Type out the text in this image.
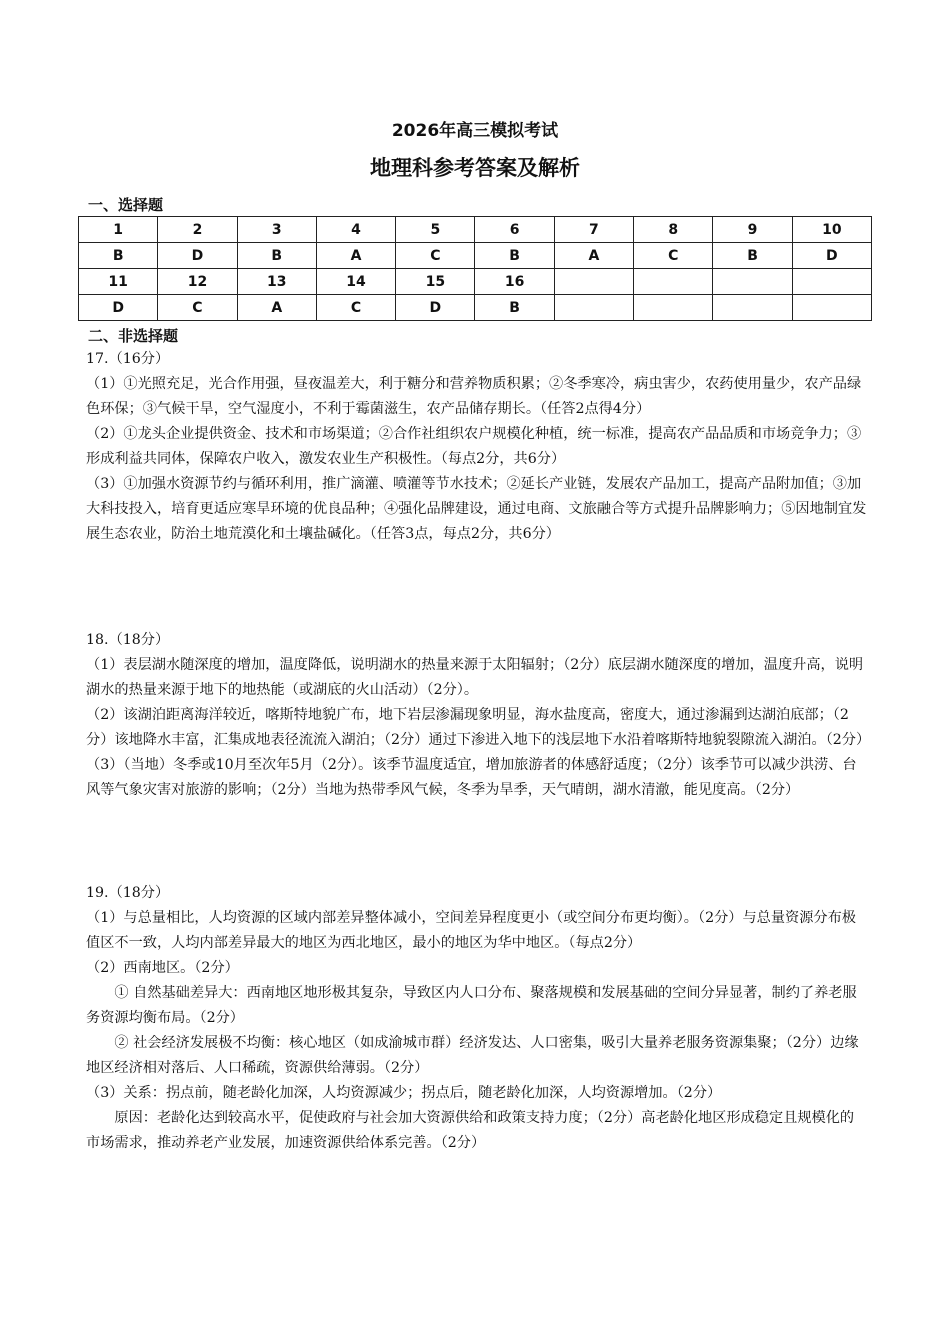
2026年高三模拟考试
地理科参考答案及解析
一、选择题
1	2	3	4	5	6	7	8	9	10
B	D	B	A	C	B	A	C	B	D
11	12	13	14	15	16				
D	C	A	C	D	B				
二、非选择题

17.（16分）

（1）①光照充足，光合作用强，昼夜温差大，利于糖分和营养物质积累；②冬季寒冷，病虫害少，农药使用量少，农产品绿色环保；③气候干旱，空气湿度小，不利于霉菌滋生，农产品储存期长。（任答2点得4分）

（2）①龙头企业提供资金、技术和市场渠道；②合作社组织农户规模化种植，统一标准，提高农产品品质和市场竞争力；③形成利益共同体，保障农户收入，激发农业生产积极性。（每点2分，共6分）

（3）①加强水资源节约与循环利用，推广滴灌、喷灌等节水技术；②延长产业链，发展农产品加工，提高产品附加值；③加大科技投入，培育更适应寒旱环境的优良品种；④强化品牌建设，通过电商、文旅融合等方式提升品牌影响力；⑤因地制宜发展生态农业，防治土地荒漠化和土壤盐碱化。（任答3点，每点2分，共6分）

18.（18分）

（1）表层湖水随深度的增加，温度降低，说明湖水的热量来源于太阳辐射；（2分）底层湖水随深度的增加，温度升高，说明湖水的热量来源于地下的地热能（或湖底的火山活动）（2分）。

（2）该湖泊距离海洋较近，喀斯特地貌广布，地下岩层渗漏现象明显，海水盐度高，密度大，通过渗漏到达湖泊底部；（2分）该地降水丰富，汇集成地表径流流入湖泊；（2分）通过下渗进入地下的浅层地下水沿着喀斯特地貌裂隙流入湖泊。（2分）

（3）（当地）冬季或10月至次年5月（2分）。该季节温度适宜，增加旅游者的体感舒适度；（2分）该季节可以减少洪涝、台风等气象灾害对旅游的影响；（2分）当地为热带季风气候，冬季为旱季，天气晴朗，湖水清澈，能见度高。（2分）

19.（18分）

（1）与总量相比，人均资源的区域内部差异整体减小，空间差异程度更小（或空间分布更均衡）。（2分）与总量资源分布极值区不一致，人均内部差异最大的地区为西北地区，最小的地区为华中地区。（每点2分）

（2）西南地区。（2分）

① 自然基础差异大：西南地区地形极其复杂，导致区内人口分布、聚落规模和发展基础的空间分异显著，制约了养老服务资源均衡布局。（2分）

② 社会经济发展极不均衡：核心地区（如成渝城市群）经济发达、人口密集，吸引大量养老服务资源集聚；（2分）边缘地区经济相对落后、人口稀疏，资源供给薄弱。（2分）

（3）关系：拐点前，随老龄化加深，人均资源减少；拐点后，随老龄化加深，人均资源增加。（2分）

原因：老龄化达到较高水平，促使政府与社会加大资源供给和政策支持力度；（2分）高老龄化地区形成稳定且规模化的市场需求，推动养老产业发展，加速资源供给体系完善。（2分）
